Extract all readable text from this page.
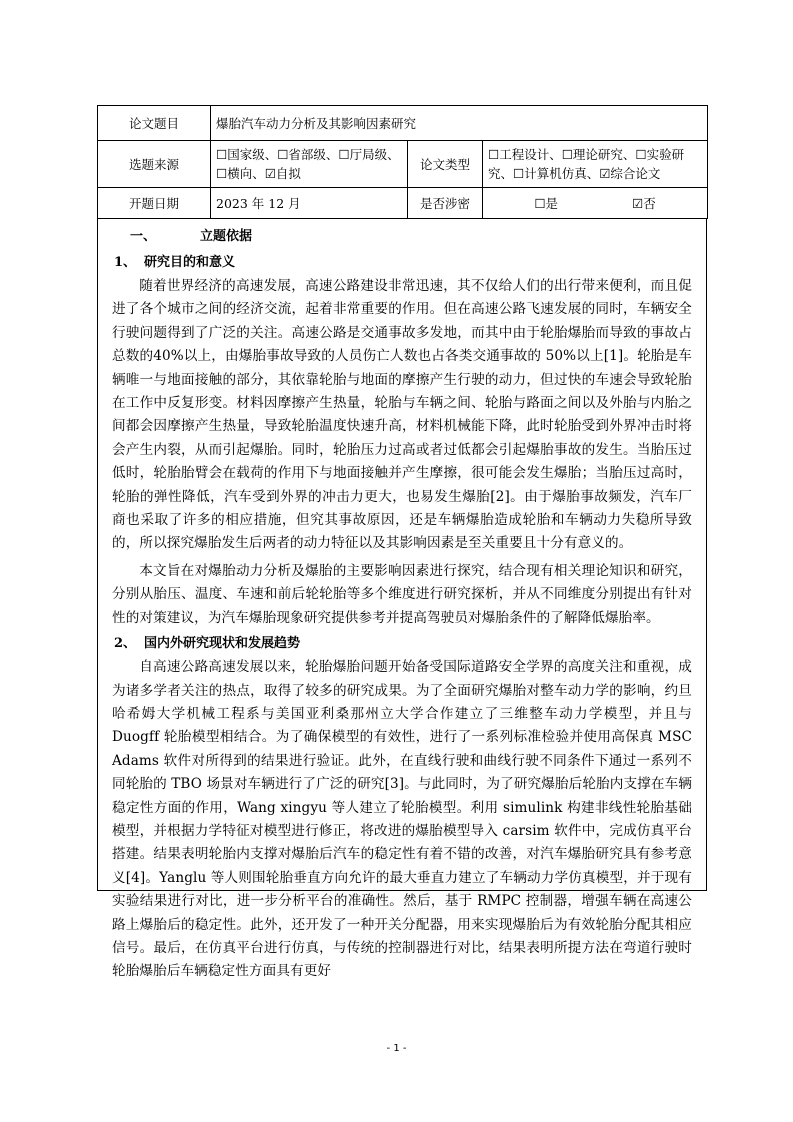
论文题目	爆胎汽车动力分析及其影响因素研究		
选题来源	☐国家级、☐省部级、☐厅局级、☐横向、☑自拟	论文类型	☐工程设计、☐理论研究、☐实验研究、☐计算机仿真、☑综合论文
开题日期	2023 年 12 月	是否涉密	☐是 ☑否
一、	立题依据
1、 研究目的和意义

随着世界经济的高速发展，高速公路建设非常迅速，其不仅给人们的出行带来便利，而且促进了各个城市之间的经济交流，起着非常重要的作用。但在高速公路飞速发展的同时，车辆安全行驶问题得到了广泛的关注。高速公路是交通事故多发地，而其中由于轮胎爆胎而导致的事故占总数的40%以上，由爆胎事故导致的人员伤亡人数也占各类交通事故的 50%以上[1]。轮胎是车辆唯一与地面接触的部分，其依靠轮胎与地面的摩擦产生行驶的动力，但过快的车速会导致轮胎在工作中反复形变。材料因摩擦产生热量，轮胎与车辆之间、轮胎与路面之间以及外胎与内胎之间都会因摩擦产生热量，导致轮胎温度快速升高，材料机械能下降，此时轮胎受到外界冲击时将会产生内裂，从而引起爆胎。同时，轮胎压力过高或者过低都会引起爆胎事故的发生。当胎压过低时，轮胎胎臂会在载荷的作用下与地面接触并产生摩擦，很可能会发生爆胎；当胎压过高时，轮胎的弹性降低，汽车受到外界的冲击力更大，也易发生爆胎[2]。由于爆胎事故频发，汽车厂商也采取了许多的相应措施，但究其事故原因，还是车辆爆胎造成轮胎和车辆动力失稳所导致的，所以探究爆胎发生后两者的动力特征以及其影响因素是至关重要且十分有意义的。

本文旨在对爆胎动力分析及爆胎的主要影响因素进行探究，结合现有相关理论知识和研究，分别从胎压、温度、车速和前后轮轮胎等多个维度进行研究探析，并从不同维度分别提出有针对性的对策建议，为汽车爆胎现象研究提供参考并提高驾驶员对爆胎条件的了解降低爆胎率。

2、 国内外研究现状和发展趋势

自高速公路高速发展以来，轮胎爆胎问题开始备受国际道路安全学界的高度关注和重视，成为诸多学者关注的热点，取得了较多的研究成果。为了全面研究爆胎对整车动力学的影响，约旦哈希姆大学机械工程系与美国亚利桑那州立大学合作建立了三维整车动力学模型，并且与 Duogff 轮胎模型相结合。为了确保模型的有效性，进行了一系列标准检验并使用高保真 MSC Adams 软件对所得到的结果进行验证。此外，在直线行驶和曲线行驶不同条件下通过一系列不同轮胎的 TBO 场景对车辆进行了广泛的研究[3]。与此同时，为了研究爆胎后轮胎内支撑在车辆稳定性方面的作用，Wang xingyu 等人建立了轮胎模型。利用 simulink 构建非线性轮胎基础模型，并根据力学特征对模型进行修正，将改进的爆胎模型导入 carsim 软件中，完成仿真平台搭建。结果表明轮胎内支撑对爆胎后汽车的稳定性有着不错的改善，对汽车爆胎研究具有参考意义[4]。Yanglu 等人则围轮胎垂直方向允许的最大垂直力建立了车辆动力学仿真模型，并于现有实验结果进行对比，进一步分析平台的准确性。然后，基于 RMPC 控制器，增强车辆在高速公路上爆胎后的稳定性。此外，还开发了一种开关分配器，用来实现爆胎后为有效轮胎分配其相应信号。最后，在仿真平台进行仿真，与传统的控制器进行对比，结果表明所提方法在弯道行驶时轮胎爆胎后车辆稳定性方面具有更好

- 1 -
